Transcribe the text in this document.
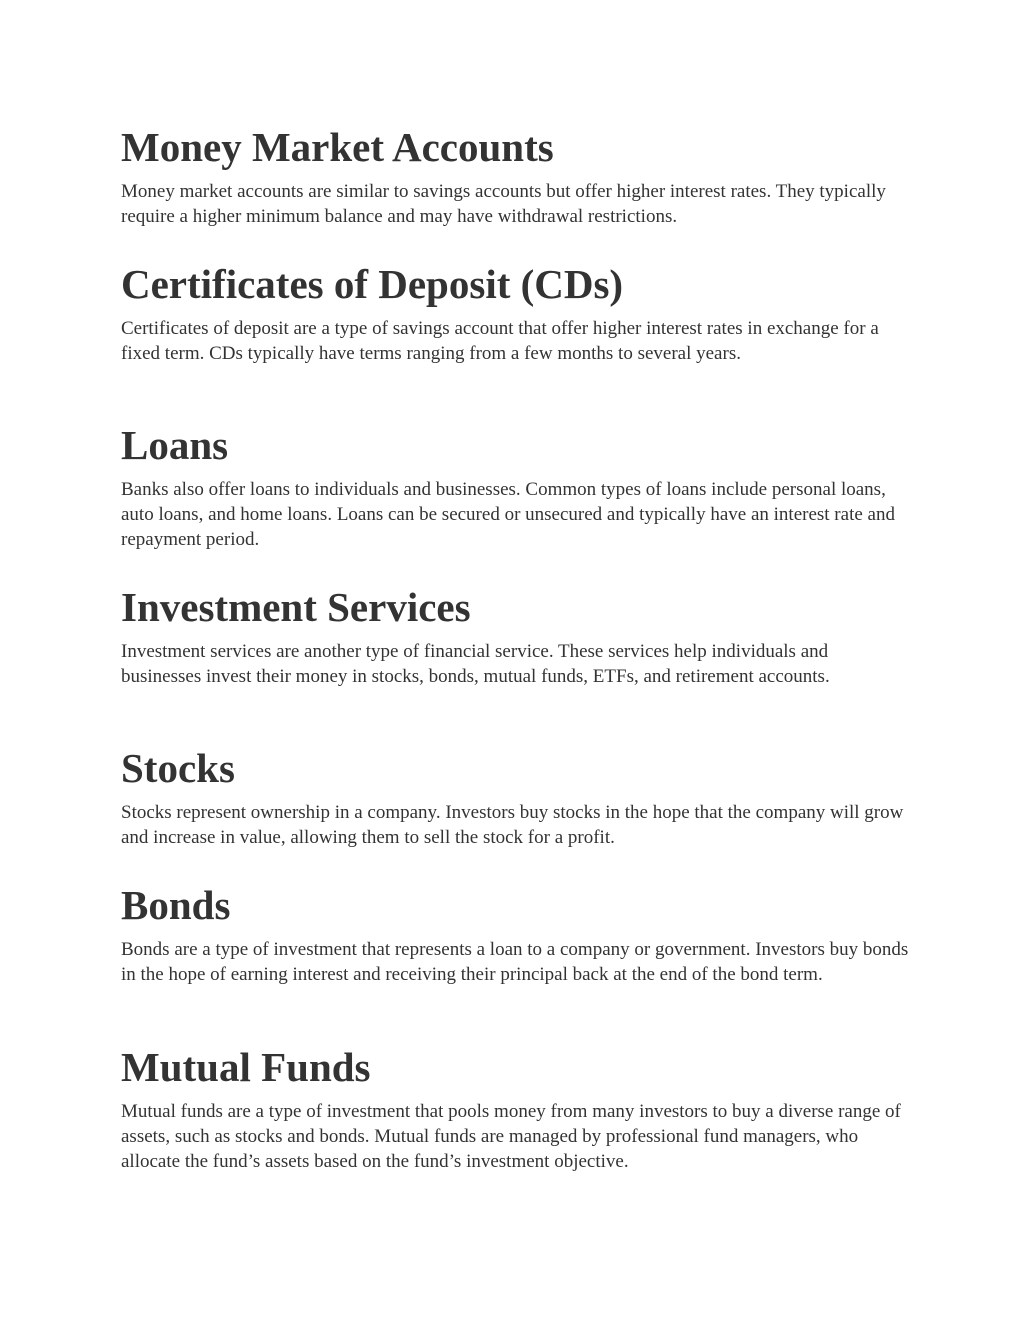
Money Market Accounts

Money market accounts are similar to savings accounts but offer higher interest rates. They typically require a higher minimum balance and may have withdrawal restrictions.

Certificates of Deposit (CDs)

Certificates of deposit are a type of savings account that offer higher interest rates in exchange for a fixed term. CDs typically have terms ranging from a few months to several years.

Loans

Banks also offer loans to individuals and businesses. Common types of loans include personal loans, auto loans, and home loans. Loans can be secured or unsecured and typically have an interest rate and repayment period.

Investment Services

Investment services are another type of financial service. These services help individuals and businesses invest their money in stocks, bonds, mutual funds, ETFs, and retirement accounts.

Stocks

Stocks represent ownership in a company. Investors buy stocks in the hope that the company will grow and increase in value, allowing them to sell the stock for a profit.

Bonds

Bonds are a type of investment that represents a loan to a company or government. Investors buy bonds in the hope of earning interest and receiving their principal back at the end of the bond term.

Mutual Funds

Mutual funds are a type of investment that pools money from many investors to buy a diverse range of assets, such as stocks and bonds. Mutual funds are managed by professional fund managers, who allocate the fund’s assets based on the fund’s investment objective.
